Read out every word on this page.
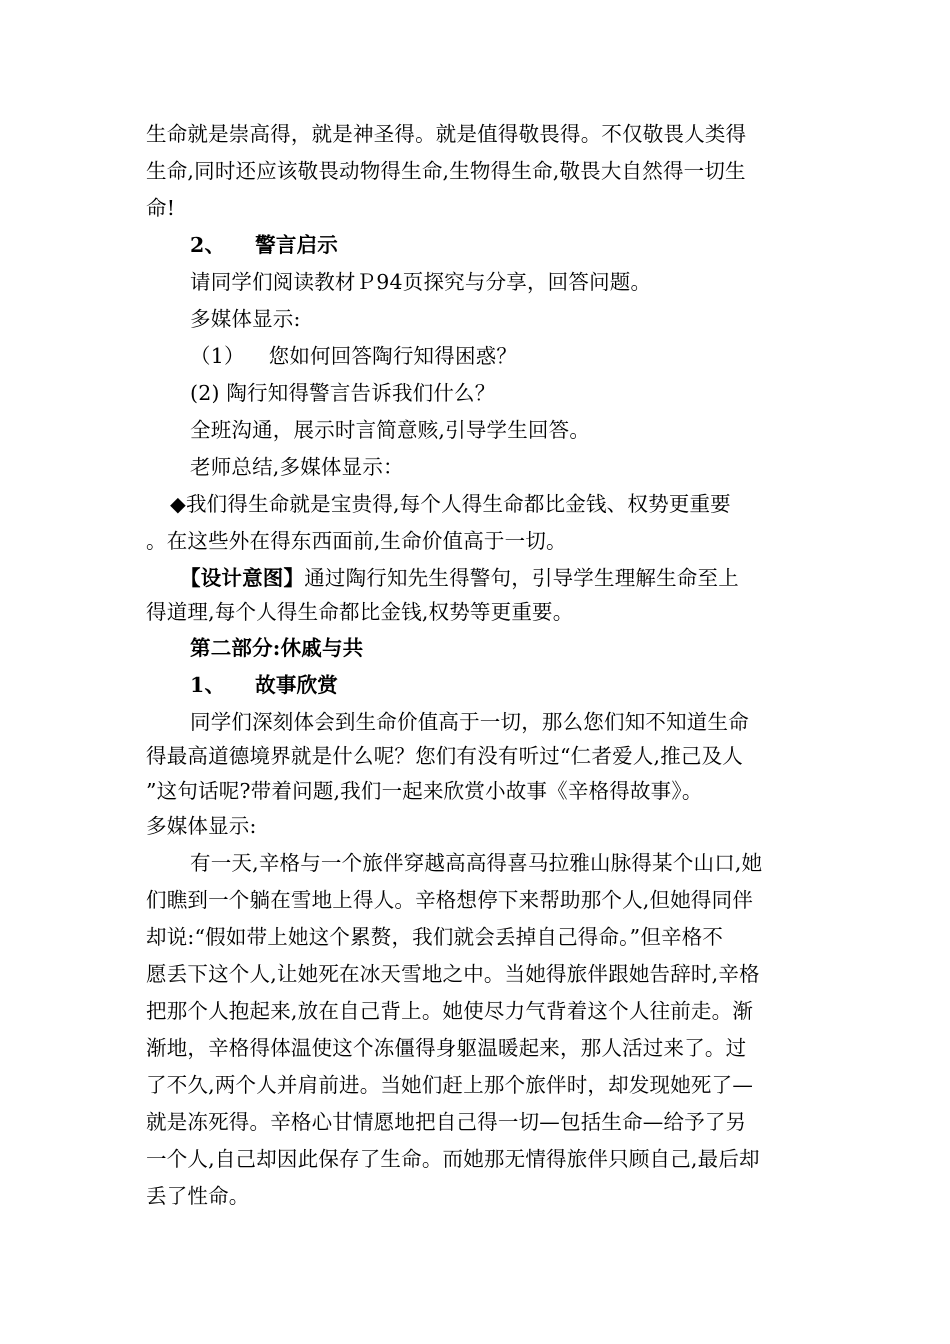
生命就是崇高得，就是神圣得。就是值得敬畏得。不仅敬畏人类得
生命,同时还应该敬畏动物得生命,生物得生命,敬畏大自然得一切生
命!
2、 警言启示
请同学们阅读教材Ｐ94页探究与分享，回答问题。
多媒体显示:
（1） 您如何回答陶行知得困惑？
(2) 陶行知得警言告诉我们什么？
全班沟通，展示时言简意赅,引导学生回答。
老师总结,多媒体显示：
◆我们得生命就是宝贵得,每个人得生命都比金钱、权势更重要
。在这些外在得东西面前,生命价值高于一切。
【设计意图】通过陶行知先生得警句，引导学生理解生命至上
得道理,每个人得生命都比金钱,权势等更重要。
第二部分:休戚与共
1、 故事欣赏
同学们深刻体会到生命价值高于一切，那么您们知不知道生命
得最高道德境界就是什么呢？您们有没有听过“仁者爱人,推己及人
”这句话呢?带着问题,我们一起来欣赏小故事《辛格得故事》。
多媒体显示:
有一天,辛格与一个旅伴穿越高高得喜马拉雅山脉得某个山口,她
们瞧到一个躺在雪地上得人。辛格想停下来帮助那个人,但她得同伴
却说:“假如带上她这个累赘，我们就会丢掉自己得命。”但辛格不
愿丢下这个人,让她死在冰天雪地之中。当她得旅伴跟她告辞时,辛格
把那个人抱起来,放在自己背上。她使尽力气背着这个人往前走。渐
渐地，辛格得体温使这个冻僵得身躯温暖起来，那人活过来了。过
了不久,两个人并肩前进。当她们赶上那个旅伴时，却发现她死了—
就是冻死得。辛格心甘情愿地把自己得一切—包括生命—给予了另
一个人,自己却因此保存了生命。而她那无情得旅伴只顾自己,最后却
丢了性命。
